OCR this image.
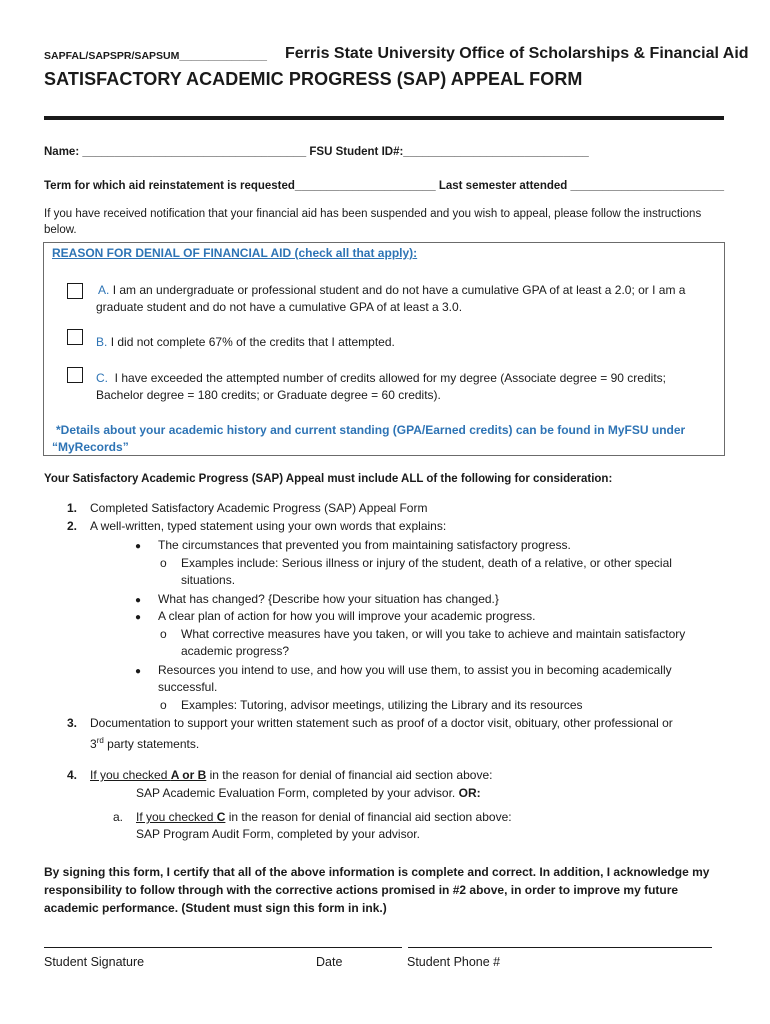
SAPFAL/SAPSPR/SAPSUM_______________ Ferris State University Office of Scholarships & Financial Aid
SATISFACTORY ACADEMIC PROGRESS (SAP) APPEAL FORM
Name: ___________________________________ FSU Student ID#:_____________________________
Term for which aid reinstatement is requested______________________ Last semester attended ________________________
If you have received notification that your financial aid has been suspended and you wish to appeal, please follow the instructions below.
REASON FOR DENIAL OF FINANCIAL AID (check all that apply):
A. I am an undergraduate or professional student and do not have a cumulative GPA of at least a 2.0; or I am a
graduate student and do not have a cumulative GPA of at least a 3.0.
B. I did not complete 67% of the credits that I attempted.
C. I have exceeded the attempted number of credits allowed for my degree (Associate degree = 90 credits;
Bachelor degree = 180 credits; or Graduate degree = 60 credits).
*Details about your academic history and current standing (GPA/Earned credits) can be found in MyFSU under
“MyRecords”
Your Satisfactory Academic Progress (SAP) Appeal must include ALL of the following for consideration:
1. Completed Satisfactory Academic Progress (SAP) Appeal Form
2. A well-written, typed statement using your own words that explains:
● The circumstances that prevented you from maintaining satisfactory progress.
o Examples include: Serious illness or injury of the student, death of a relative, or other special
situations.
● What has changed? {Describe how your situation has changed.}
● A clear plan of action for how you will improve your academic progress.
o What corrective measures have you taken, or will you take to achieve and maintain satisfactory
academic progress?
● Resources you intend to use, and how you will use them, to assist you in becoming academically
successful.
o Examples: Tutoring, advisor meetings, utilizing the Library and its resources
3. Documentation to support your written statement such as proof of a doctor visit, obituary, other professional or
3rd party statements.
4. If you checked A or B in the reason for denial of financial aid section above:
SAP Academic Evaluation Form, completed by your advisor. OR:
a. If you checked C in the reason for denial of financial aid section above:
SAP Program Audit Form, completed by your advisor.
By signing this form, I certify that all of the above information is complete and correct. In addition, I acknowledge my responsibility to follow through with the corrective actions promised in #2 above, in order to improve my future academic performance. (Student must sign this form in ink.)
Student Signature	Date	Student Phone #
